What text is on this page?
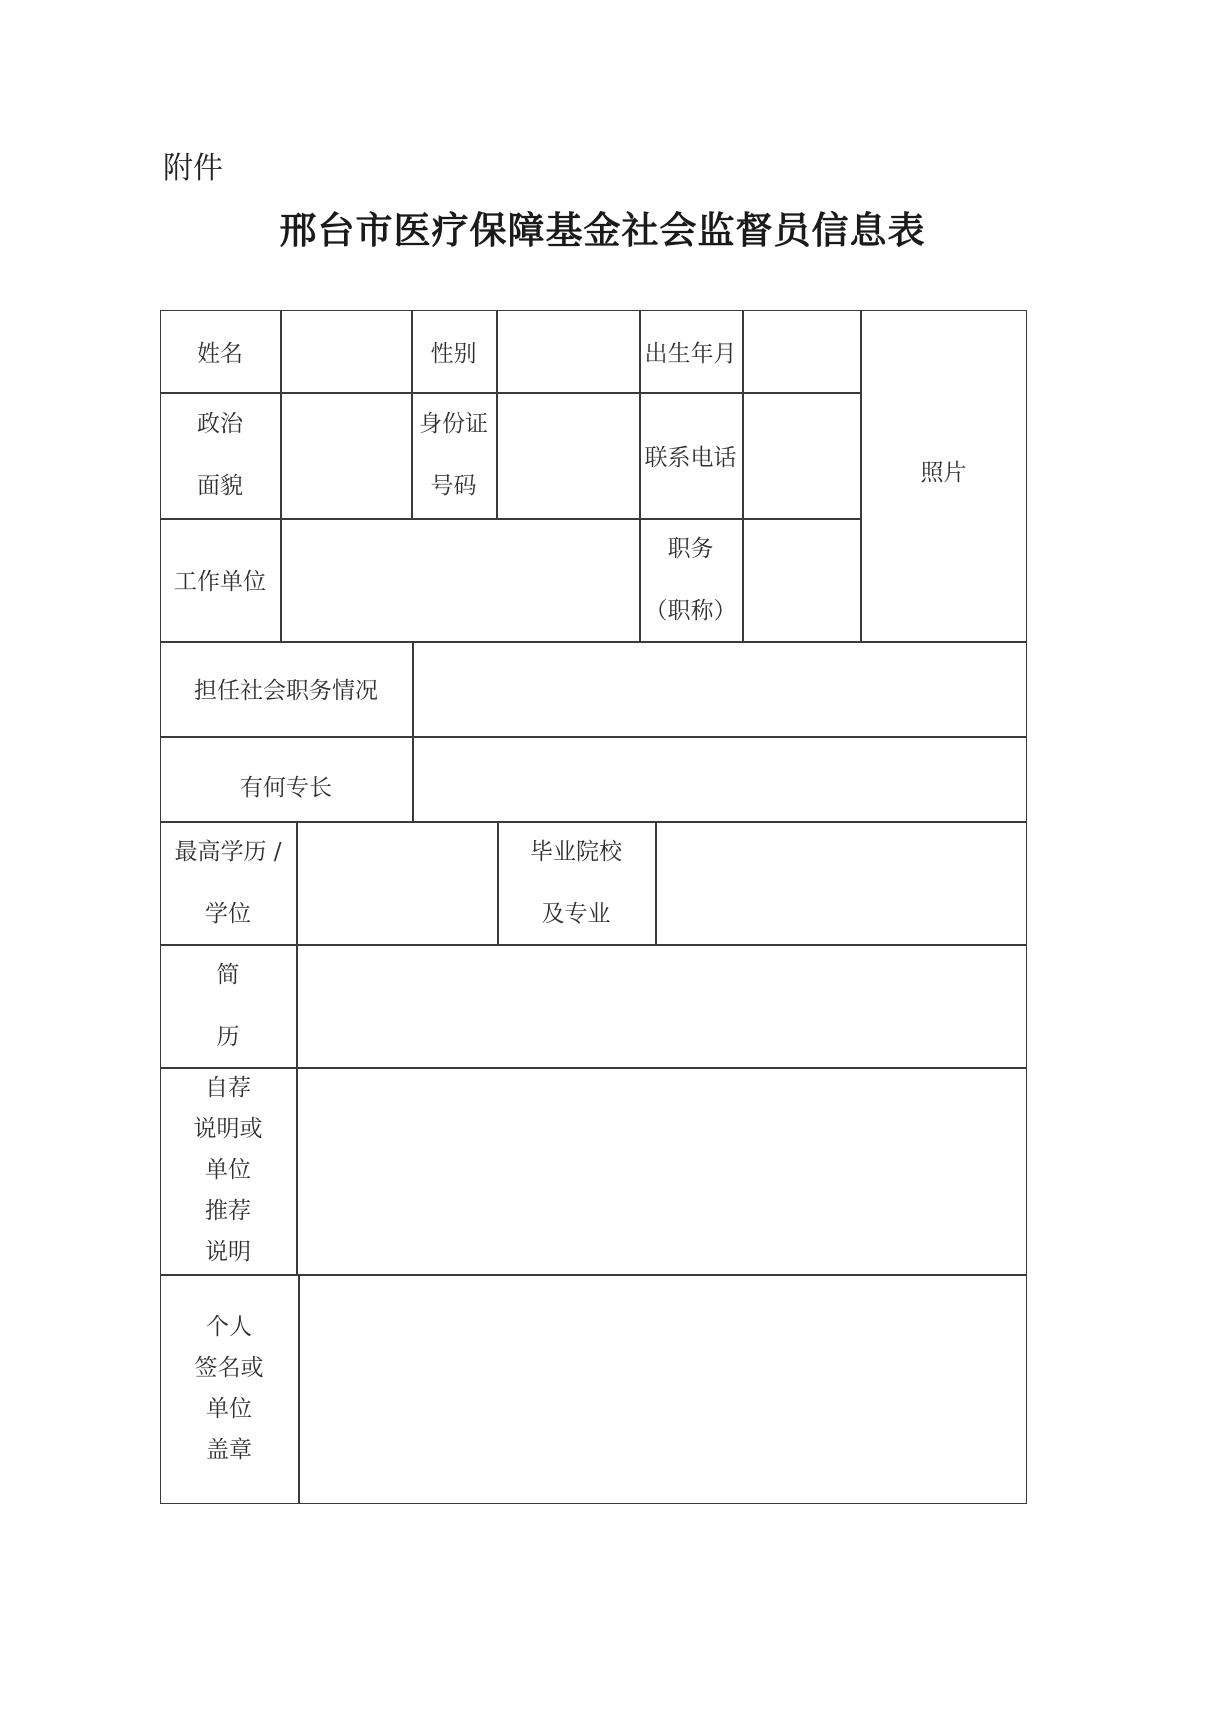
附件
邢台市医疗保障基金社会监督员信息表
姓名	性别	出生年月
照片
政治
面貌
身份证
号码
联系电话
工作单位
职务
（职称）
担任社会职务情况
有何专长
最高学历 /
学位
毕业院校
及专业
简
历
自荐
说明或
单位
推荐
说明
个人
签名或
单位
盖章
